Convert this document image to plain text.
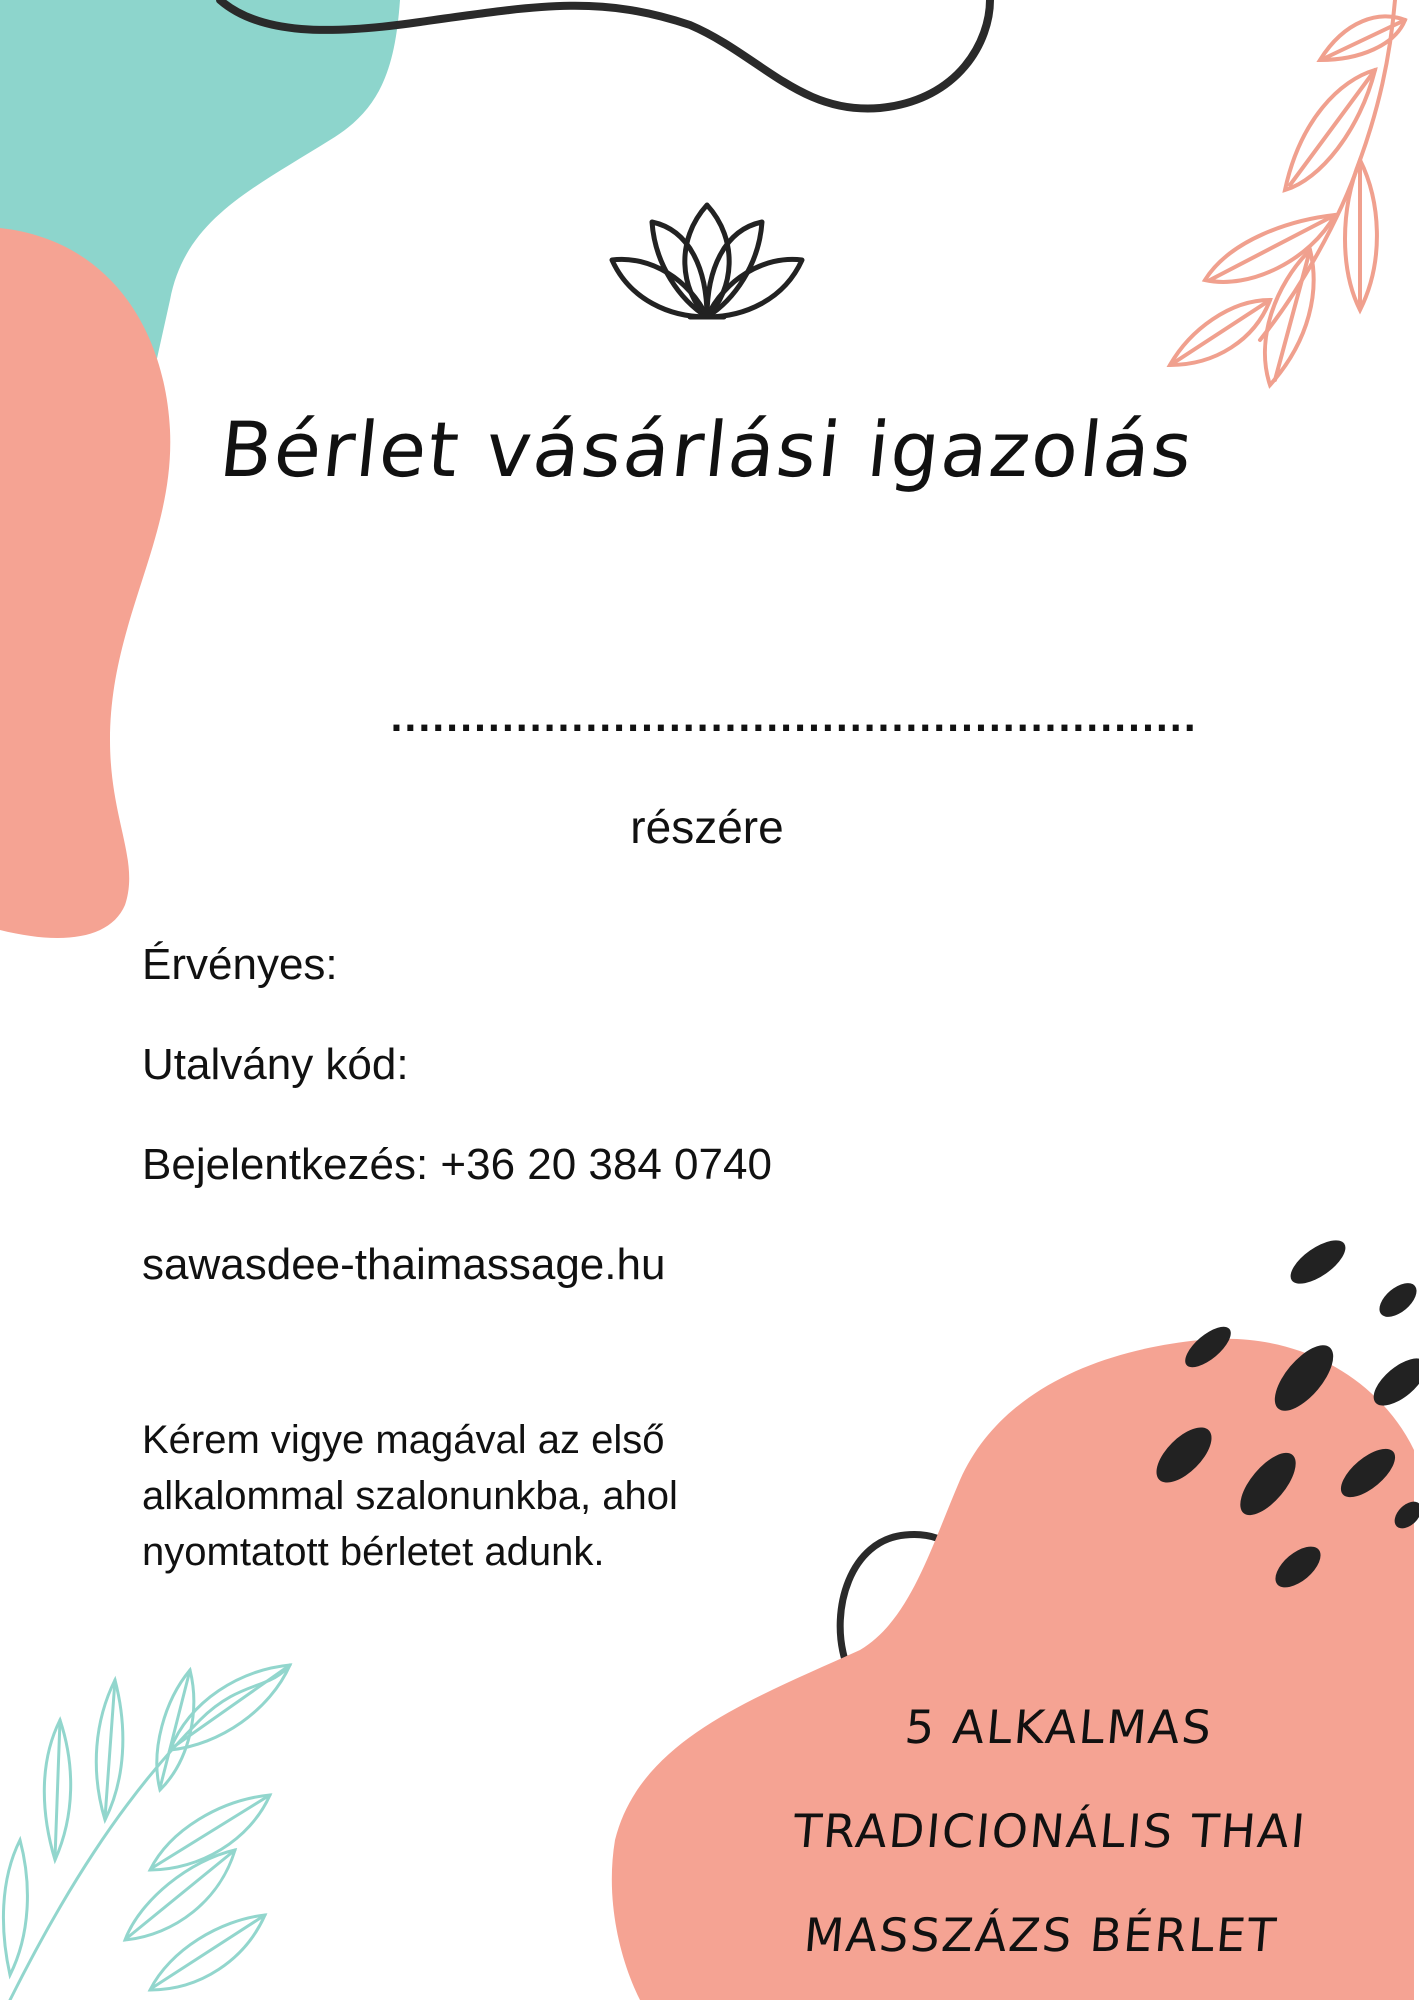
Bérlet vásárlási igazolás
..........................................................
részére
Érvényes:
Utalvány kód:
Bejelentkezés: +36 20 384 0740
sawasdee-thaimassage.hu
Kérem vigye magával az első alkalommal szalonunkba, ahol nyomtatott bérletet adunk.
5 ALKALMAS
TRADICIONÁLIS THAI
MASSZÁZS BÉRLET
